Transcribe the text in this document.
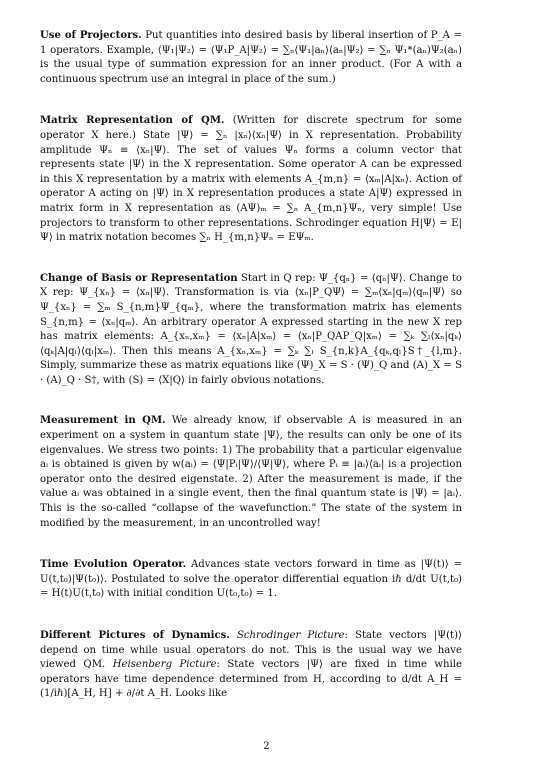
Use of Projectors. Put quantities into desired basis by liberal insertion of P_A = 1 operators. Example, ⟨Ψ₁|Ψ₂⟩ = ⟨Ψ₁P_A|Ψ₂⟩ = ∑ₙ⟨Ψ₁|aₙ⟩⟨aₙ|Ψ₂⟩ = ∑ₙ Ψ₁*(aₙ)Ψ₂(aₙ) is the usual type of summation expression for an inner product. (For A with a continuous spectrum use an integral in place of the sum.)

Matrix Representation of QM. (Written for discrete spectrum for some operator X here.) State |Ψ⟩ = ∑ₙ |xₙ⟩⟨xₙ|Ψ⟩ in X representation. Probability amplitude Ψₙ ≡ ⟨xₙ|Ψ⟩. The set of values Ψₙ forms a column vector that represents state |Ψ⟩ in the X representation. Some operator A can be expressed in this X representation by a matrix with elements A_{m,n} = ⟨xₘ|A|xₙ⟩. Action of operator A acting on |Ψ⟩ in X representation produces a state A|Ψ⟩ expressed in matrix form in X representation as (AΨ)ₘ = ∑ₙ A_{m,n}Ψₙ, very simple! Use projectors to transform to other representations. Schrodinger equation H|Ψ⟩ = E|Ψ⟩ in matrix notation becomes ∑ₙ H_{m,n}Ψₙ = EΨₘ.

Change of Basis or Representation Start in Q rep: Ψ_{qₙ} = ⟨qₙ|Ψ⟩. Change to X rep: Ψ_{xₙ} = ⟨xₙ|Ψ⟩. Transformation is via ⟨xₙ|P_QΨ⟩ = ∑ₘ⟨xₙ|qₘ⟩⟨qₘ|Ψ⟩ so Ψ_{xₙ} = ∑ₘ S_{n,m}Ψ_{qₘ}, where the transformation matrix has elements S_{n,m} = ⟨xₙ|qₘ⟩. An arbitrary operator A expressed starting in the new X rep has matrix elements: A_{xₙ,xₘ} = ⟨xₙ|A|xₘ⟩ = ⟨xₙ|P_QAP_Q|xₘ⟩ = ∑ₖ ∑ₗ⟨xₙ|qₖ⟩⟨qₖ|A|qₗ⟩⟨qₗ|xₘ⟩. Then this means A_{xₙ,xₘ} = ∑ₖ ∑ₗ S_{n,k}A_{qₖ,qₗ}S†_{l,m}. Simply, summarize these as matrix equations like (Ψ)_X = S · (Ψ)_Q and (A)_X = S · (A)_Q · S†, with (S) = ⟨X|Q⟩ in fairly obvious notations.

Measurement in QM. We already know, if observable A is measured in an experiment on a system in quantum state |Ψ⟩, the results can only be one of its eigenvalues. We stress two points: 1) The probability that a particular eigenvalue aᵢ is obtained is given by w(aᵢ) = ⟨Ψ|Pᵢ|Ψ⟩/⟨Ψ|Ψ⟩, where Pᵢ ≡ |aᵢ⟩⟨aᵢ| is a projection operator onto the desired eigenstate. 2) After the measurement is made, if the value aᵢ was obtained in a single event, then the final quantum state is |Ψ⟩ = |aᵢ⟩. This is the so-called “collapse of the wavefunction.” The state of the system in modified by the measurement, in an uncontrolled way!

Time Evolution Operator. Advances state vectors forward in time as |Ψ(t)⟩ = U(t,t₀)|Ψ(t₀)⟩. Postulated to solve the operator differential equation iℏ d/dt U(t,t₀) = H(t)U(t,t₀) with initial condition U(t₀,t₀) = 1.

Different Pictures of Dynamics. Schrodinger Picture: State vectors |Ψ(t)⟩ depend on time while usual operators do not. This is the usual way we have viewed QM. Heisenberg Picture: State vectors |Ψ⟩ are fixed in time while operators have time dependence determined from H, according to d/dt A_H = (1/iℏ)[A_H, H] + ∂/∂t A_H. Looks like

2
